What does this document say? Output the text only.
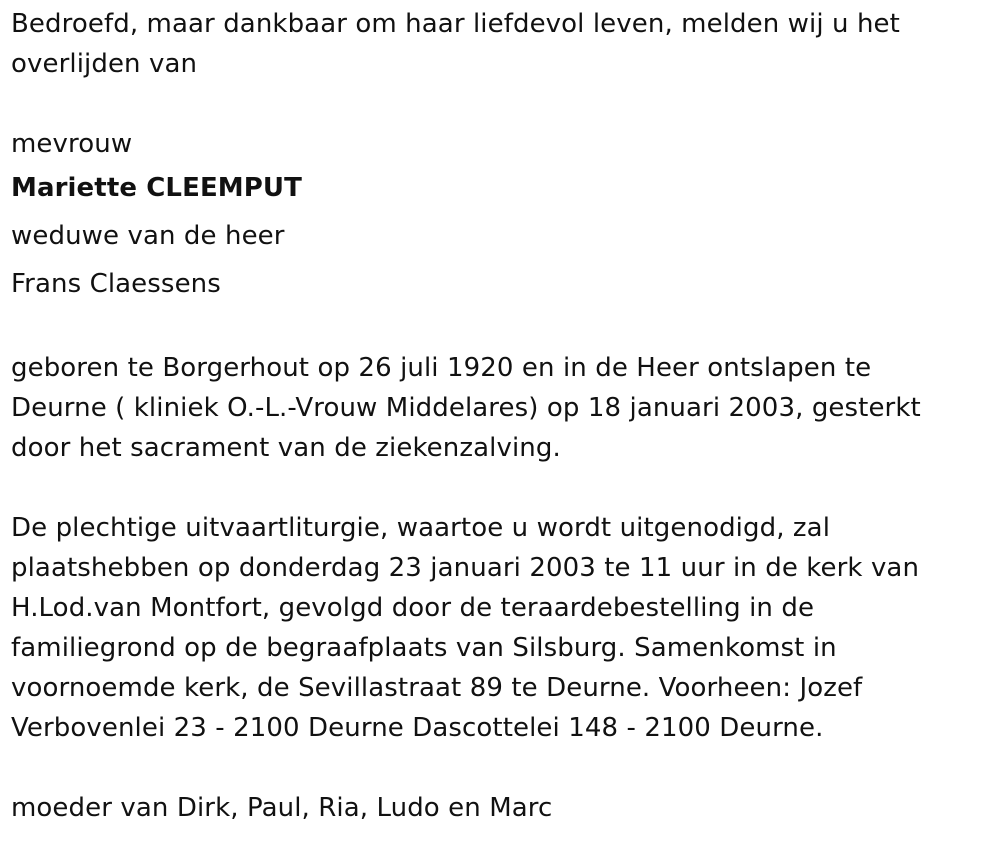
Bedroefd, maar dankbaar om haar liefdevol leven, melden wij u het
overlijden van

mevrouw

Mariette CLEEMPUT

weduwe van de heer

Frans Claessens

geboren te Borgerhout op 26 juli 1920 en in de Heer ontslapen te
Deurne ( kliniek O.-L.-Vrouw Middelares) op 18 januari 2003, gesterkt
door het sacrament van de ziekenzalving.

De plechtige uitvaartliturgie, waartoe u wordt uitgenodigd, zal
plaatshebben op donderdag 23 januari 2003 te 11 uur in de kerk van
H.Lod.van Montfort, gevolgd door de teraardebestelling in de
familiegrond op de begraafplaats van Silsburg. Samenkomst in
voornoemde kerk, de Sevillastraat 89 te Deurne. Voorheen: Jozef
Verbovenlei 23 - 2100 Deurne Dascottelei 148 - 2100 Deurne.

moeder van Dirk, Paul, Ria, Ludo en Marc
